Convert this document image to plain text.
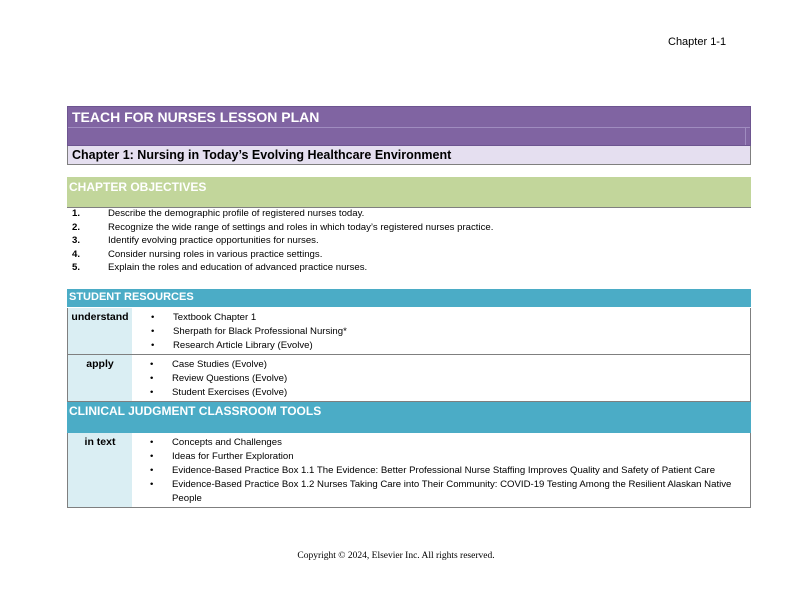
Chapter 1-1
TEACH FOR NURSES LESSON PLAN
Chapter 1: Nursing in Today’s Evolving Healthcare Environment
CHAPTER OBJECTIVES
1.	Describe the demographic profile of registered nurses today.
2.	Recognize the wide range of settings and roles in which today’s registered nurses practice.
3.	Identify evolving practice opportunities for nurses.
4.	Consider nursing roles in various practice settings.
5.	Explain the roles and education of advanced practice nurses.
STUDENT RESOURCES
understand	• Textbook Chapter 1
• Sherpath for Black Professional Nursing*
• Research Article Library (Evolve)
apply	• Case Studies (Evolve)
• Review Questions (Evolve)
• Student Exercises (Evolve)
CLINICAL JUDGMENT CLASSROOM TOOLS
in text	• Concepts and Challenges
• Ideas for Further Exploration
• Evidence-Based Practice Box 1.1 The Evidence: Better Professional Nurse Staffing Improves Quality and Safety of Patient Care
• Evidence-Based Practice Box 1.2 Nurses Taking Care into Their Community: COVID-19 Testing Among the Resilient Alaskan Native People
Copyright © 2024, Elsevier Inc. All rights reserved.
